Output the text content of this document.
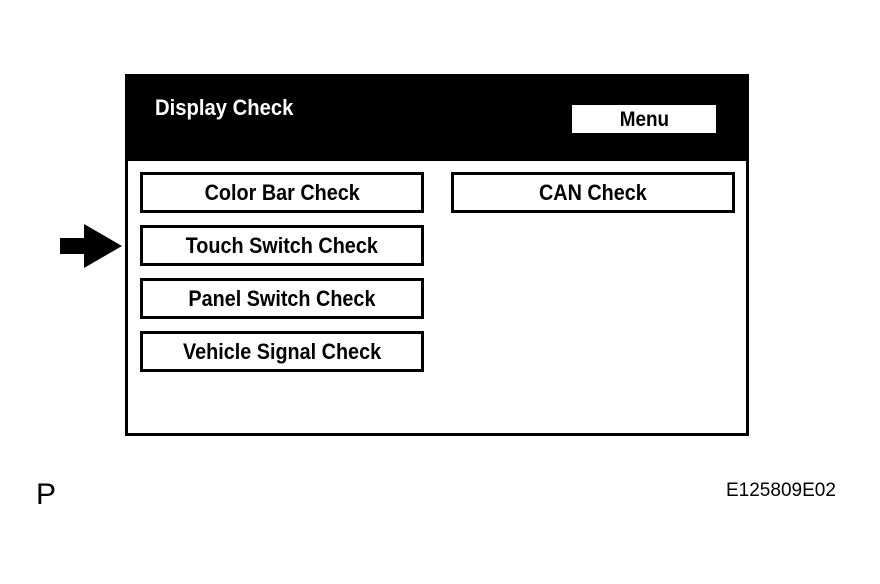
Display Check	Menu
Color Bar Check
Touch Switch Check
Panel Switch Check
Vehicle Signal Check
CAN Check
P	E125809E02
